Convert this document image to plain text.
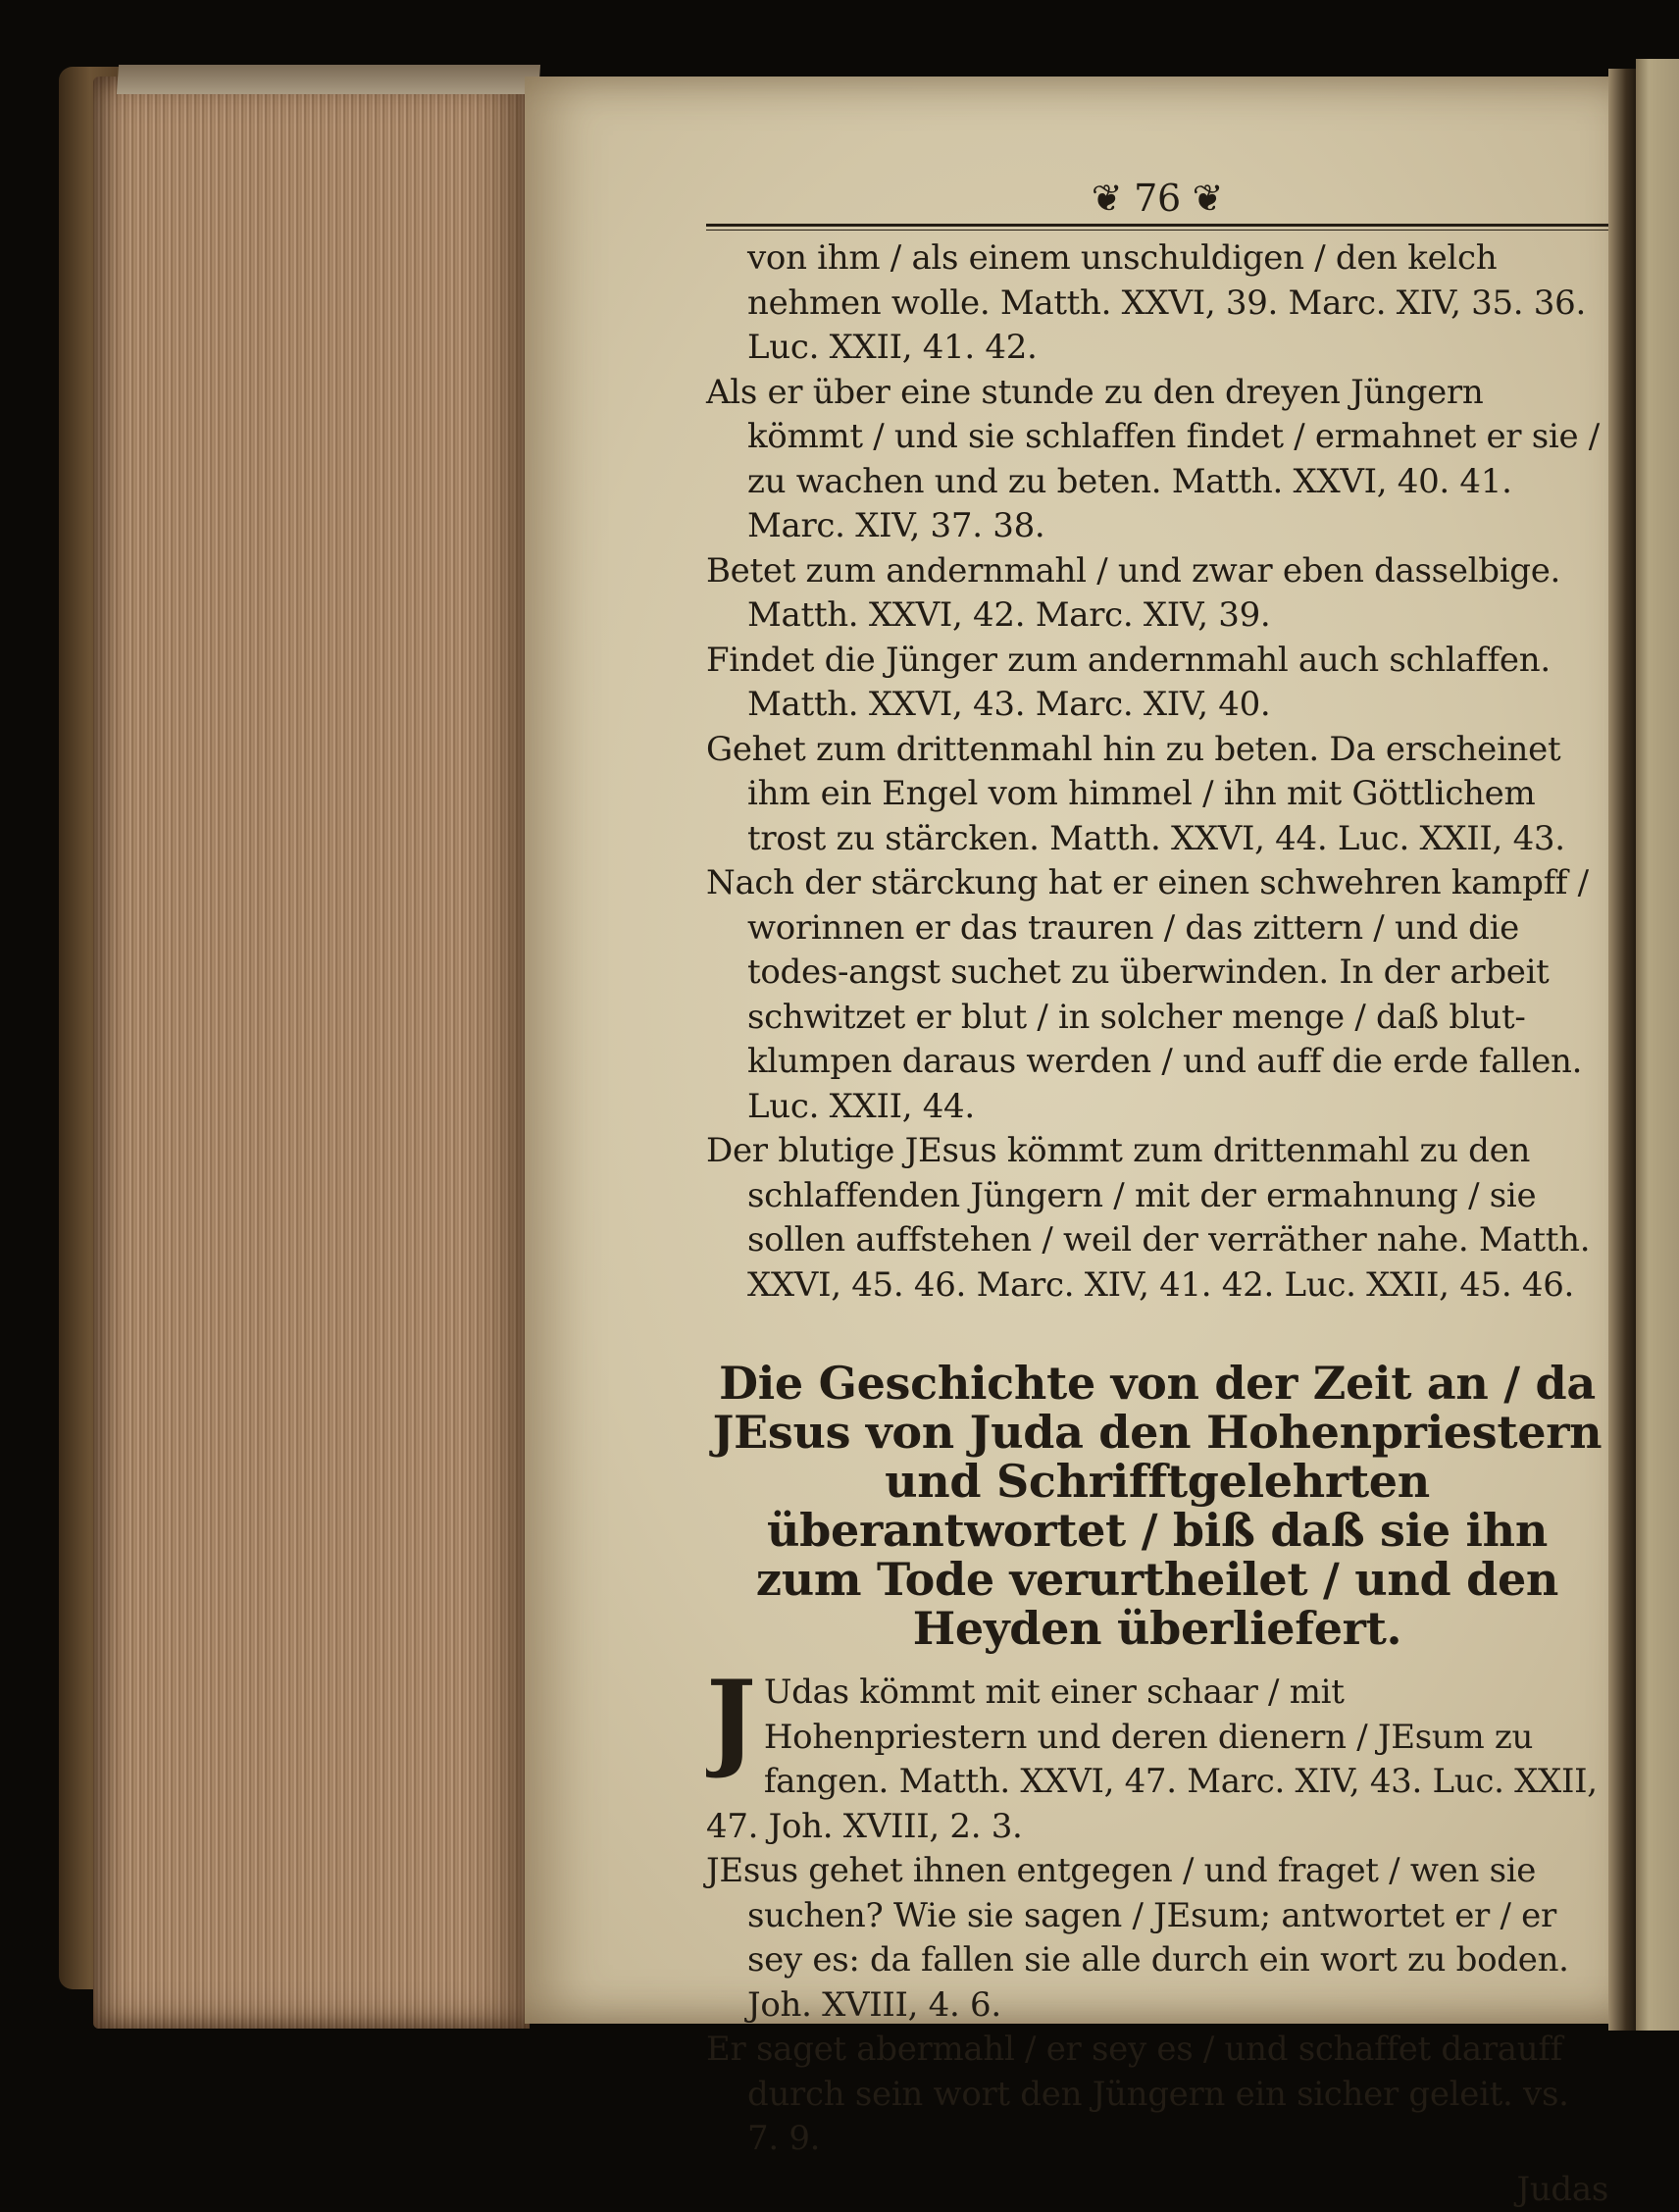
❦ 76 ❦

von ihm / als einem unschuldigen / den kelch nehmen wolle. Matth. XXVI, 39. Marc. XIV, 35. 36. Luc. XXII, 41. 42.

Als er über eine stunde zu den dreyen Jüngern kömmt / und sie schlaffen findet / ermahnet er sie / zu wachen und zu beten. Matth. XXVI, 40. 41. Marc. XIV, 37. 38.

Betet zum andernmahl / und zwar eben dasselbige. Matth. XXVI, 42. Marc. XIV, 39.

Findet die Jünger zum andernmahl auch schlaffen. Matth. XXVI, 43. Marc. XIV, 40.

Gehet zum drittenmahl hin zu beten. Da erscheinet ihm ein Engel vom himmel / ihn mit Göttlichem trost zu stärcken. Matth. XXVI, 44. Luc. XXII, 43.

Nach der stärckung hat er einen schwehren kampff / worinnen er das trauren / das zittern / und die todes-angst suchet zu überwinden. In der arbeit schwitzet er blut / in solcher menge / daß blut-klumpen daraus werden / und auff die erde fallen. Luc. XXII, 44.

Der blutige JEsus kömmt zum drittenmahl zu den schlaffenden Jüngern / mit der ermahnung / sie sollen auffstehen / weil der verräther nahe. Matth. XXVI, 45. 46. Marc. XIV, 41. 42. Luc. XXII, 45. 46.

Die Geschichte von der Zeit an / da JEsus von Juda den Hohenpriestern und Schrifftgelehrten überantwortet / biß daß sie ihn zum Tode verurtheilet / und den Heyden überliefert.
J Udas kömmt mit einer schaar / mit Hohenpriestern und deren dienern / JEsum zu fangen. Matth. XXVI, 47. Marc. XIV, 43. Luc. XXII, 47. Joh. XVIII, 2. 3.

JEsus gehet ihnen entgegen / und fraget / wen sie suchen? Wie sie sagen / JEsum; antwortet er / er sey es: da fallen sie alle durch ein wort zu boden. Joh. XVIII, 4. 6.

Er saget abermahl / er sey es / und schaffet darauff durch sein wort den Jüngern ein sicher geleit. vs. 7. 9.

Judas
